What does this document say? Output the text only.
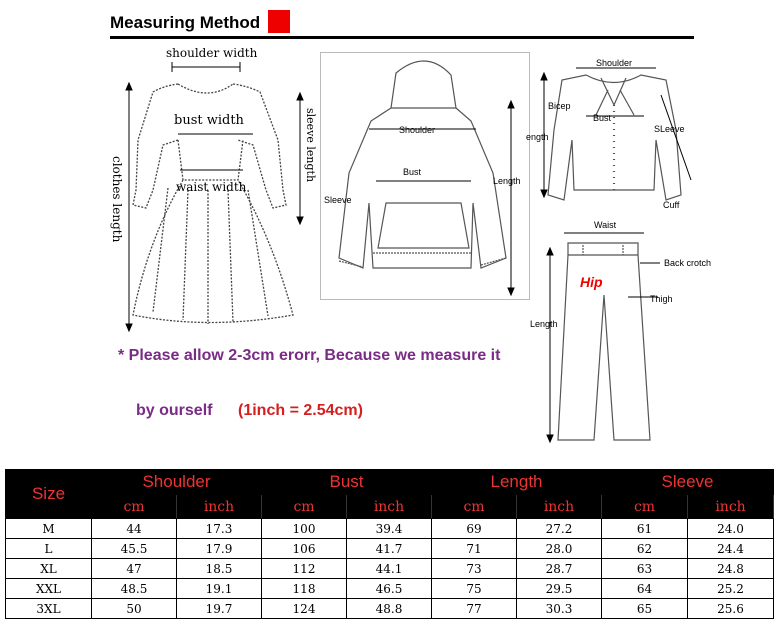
Measuring Method
shoulder width
bust width
waist width
sleeve length
clothes length
Shoulder
Bust
Length
Sleeve
Shoulder
Bicep
Bust
SLeeve
ength
Cuff
Waist
Back crotch
Hip
Thigh
Length
* Please allow 2-3cm erorr, Because we measure it
by ourself (1inch = 2.54cm)
Size	Shoulder		Bust		Length		Sleeve	
	cm	inch	cm	inch	cm	inch	cm	inch
M	44	17.3	100	39.4	69	27.2	61	24.0
L	45.5	17.9	106	41.7	71	28.0	62	24.4
XL	47	18.5	112	44.1	73	28.7	63	24.8
XXL	48.5	19.1	118	46.5	75	29.5	64	25.2
3XL	50	19.7	124	48.8	77	30.3	65	25.6
